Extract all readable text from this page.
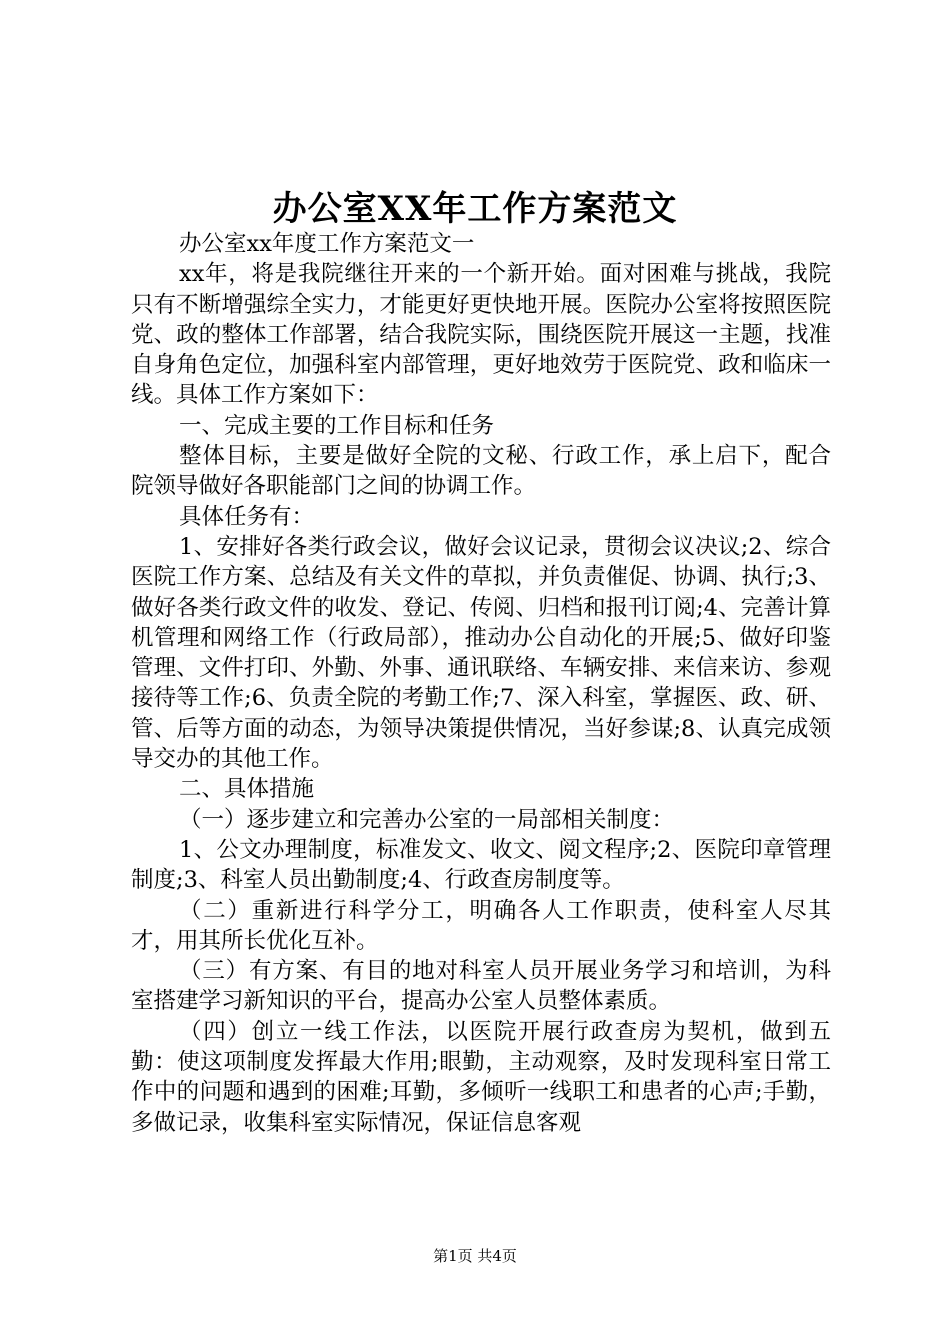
办公室XX年工作方案范文

办公室xx年度工作方案范文一

xx年，将是我院继往开来的一个新开始。面对困难与挑战，我院只有不断增强综全实力，才能更好更快地开展。医院办公室将按照医院党、政的整体工作部署，结合我院实际，围绕医院开展这一主题，找准自身角色定位，加强科室内部管理，更好地效劳于医院党、政和临床一线。具体工作方案如下：

一、完成主要的工作目标和任务

整体目标，主要是做好全院的文秘、行政工作，承上启下，配合院领导做好各职能部门之间的协调工作。

具体任务有：

1、安排好各类行政会议，做好会议记录，贯彻会议决议;2、综合医院工作方案、总结及有关文件的草拟，并负责催促、协调、执行;3、做好各类行政文件的收发、登记、传阅、归档和报刊订阅;4、完善计算机管理和网络工作（行政局部），推动办公自动化的开展;5、做好印鉴管理、文件打印、外勤、外事、通讯联络、车辆安排、来信来访、参观接待等工作;6、负责全院的考勤工作;7、深入科室，掌握医、政、研、管、后等方面的动态，为领导决策提供情况，当好参谋;8、认真完成领导交办的其他工作。

二、具体措施

（一）逐步建立和完善办公室的一局部相关制度：

1、公文办理制度，标准发文、收文、阅文程序;2、医院印章管理制度;3、科室人员出勤制度;4、行政查房制度等。

（二）重新进行科学分工，明确各人工作职责，使科室人尽其才，用其所长优化互补。

（三）有方案、有目的地对科室人员开展业务学习和培训，为科室搭建学习新知识的平台，提高办公室人员整体素质。

（四）创立一线工作法，以医院开展行政查房为契机，做到五勤：使这项制度发挥最大作用;眼勤，主动观察，及时发现科室日常工作中的问题和遇到的困难;耳勤，多倾听一线职工和患者的心声;手勤，多做记录，收集科室实际情况，保证信息客观

第1页 共4页
